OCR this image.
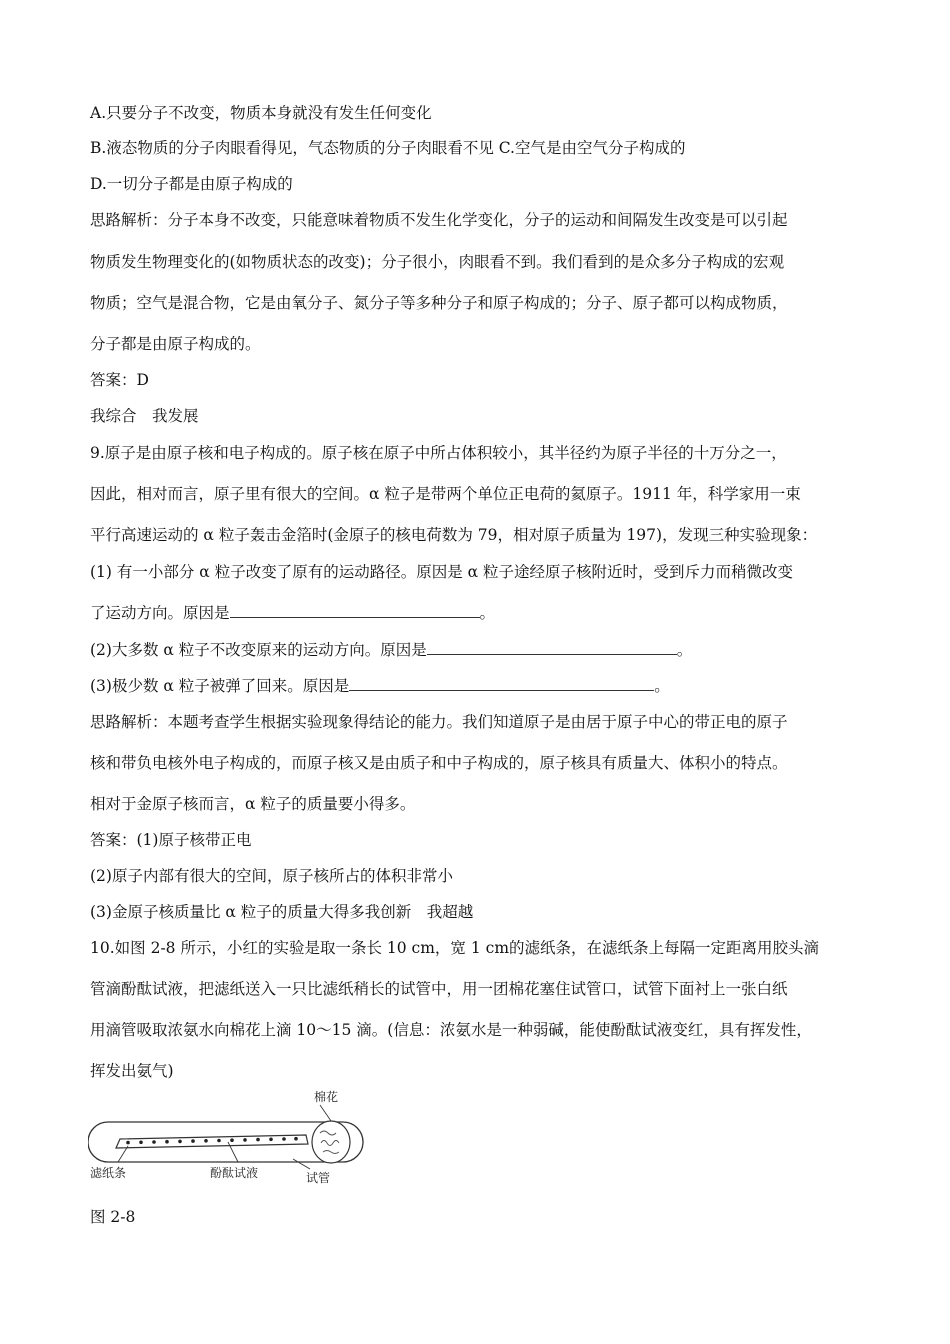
A.只要分子不改变，物质本身就没有发生任何变化
B.液态物质的分子肉眼看得见，气态物质的分子肉眼看不见 C.空气是由空气分子构成的
D.一切分子都是由原子构成的
思路解析：分子本身不改变，只能意味着物质不发生化学变化，分子的运动和间隔发生改变是可以引起
物质发生物理变化的(如物质状态的改变)；分子很小，肉眼看不到。我们看到的是众多分子构成的宏观
物质；空气是混合物，它是由氧分子、氮分子等多种分子和原子构成的；分子、原子都可以构成物质，
分子都是由原子构成的。
答案：D
我综合　我发展
9.原子是由原子核和电子构成的。原子核在原子中所占体积较小，其半径约为原子半径的十万分之一，
因此，相对而言，原子里有很大的空间。α 粒子是带两个单位正电荷的氦原子。1911 年，科学家用一束
平行高速运动的 α 粒子轰击金箔时(金原子的核电荷数为 79，相对原子质量为 197)，发现三种实验现象：
(1) 有一小部分 α 粒子改变了原有的运动路径。原因是 α 粒子途经原子核附近时，受到斥力而稍微改变
了运动方向。原因是	。
(2)大多数 α 粒子不改变原来的运动方向。原因是	。
(3)极少数 α 粒子被弹了回来。原因是	。
思路解析：本题考查学生根据实验现象得结论的能力。我们知道原子是由居于原子中心的带正电的原子
核和带负电核外电子构成的，而原子核又是由质子和中子构成的，原子核具有质量大、体积小的特点。
相对于金原子核而言，α 粒子的质量要小得多。
答案：(1)原子核带正电
(2)原子内部有很大的空间，原子核所占的体积非常小
(3)金原子核质量比 α 粒子的质量大得多我创新　我超越
10.如图 2-8 所示，小红的实验是取一条长 10 cm，宽 1 cm的滤纸条，在滤纸条上每隔一定距离用胶头滴
管滴酚酞试液，把滤纸送入一只比滤纸稍长的试管中，用一团棉花塞住试管口，试管下面衬上一张白纸
用滴管吸取浓氨水向棉花上滴 10～15 滴。(信息：浓氨水是一种弱碱，能使酚酞试液变红，具有挥发性，
挥发出氨气)
棉花
滤纸条	酚酞试液	试管
图 2-8
